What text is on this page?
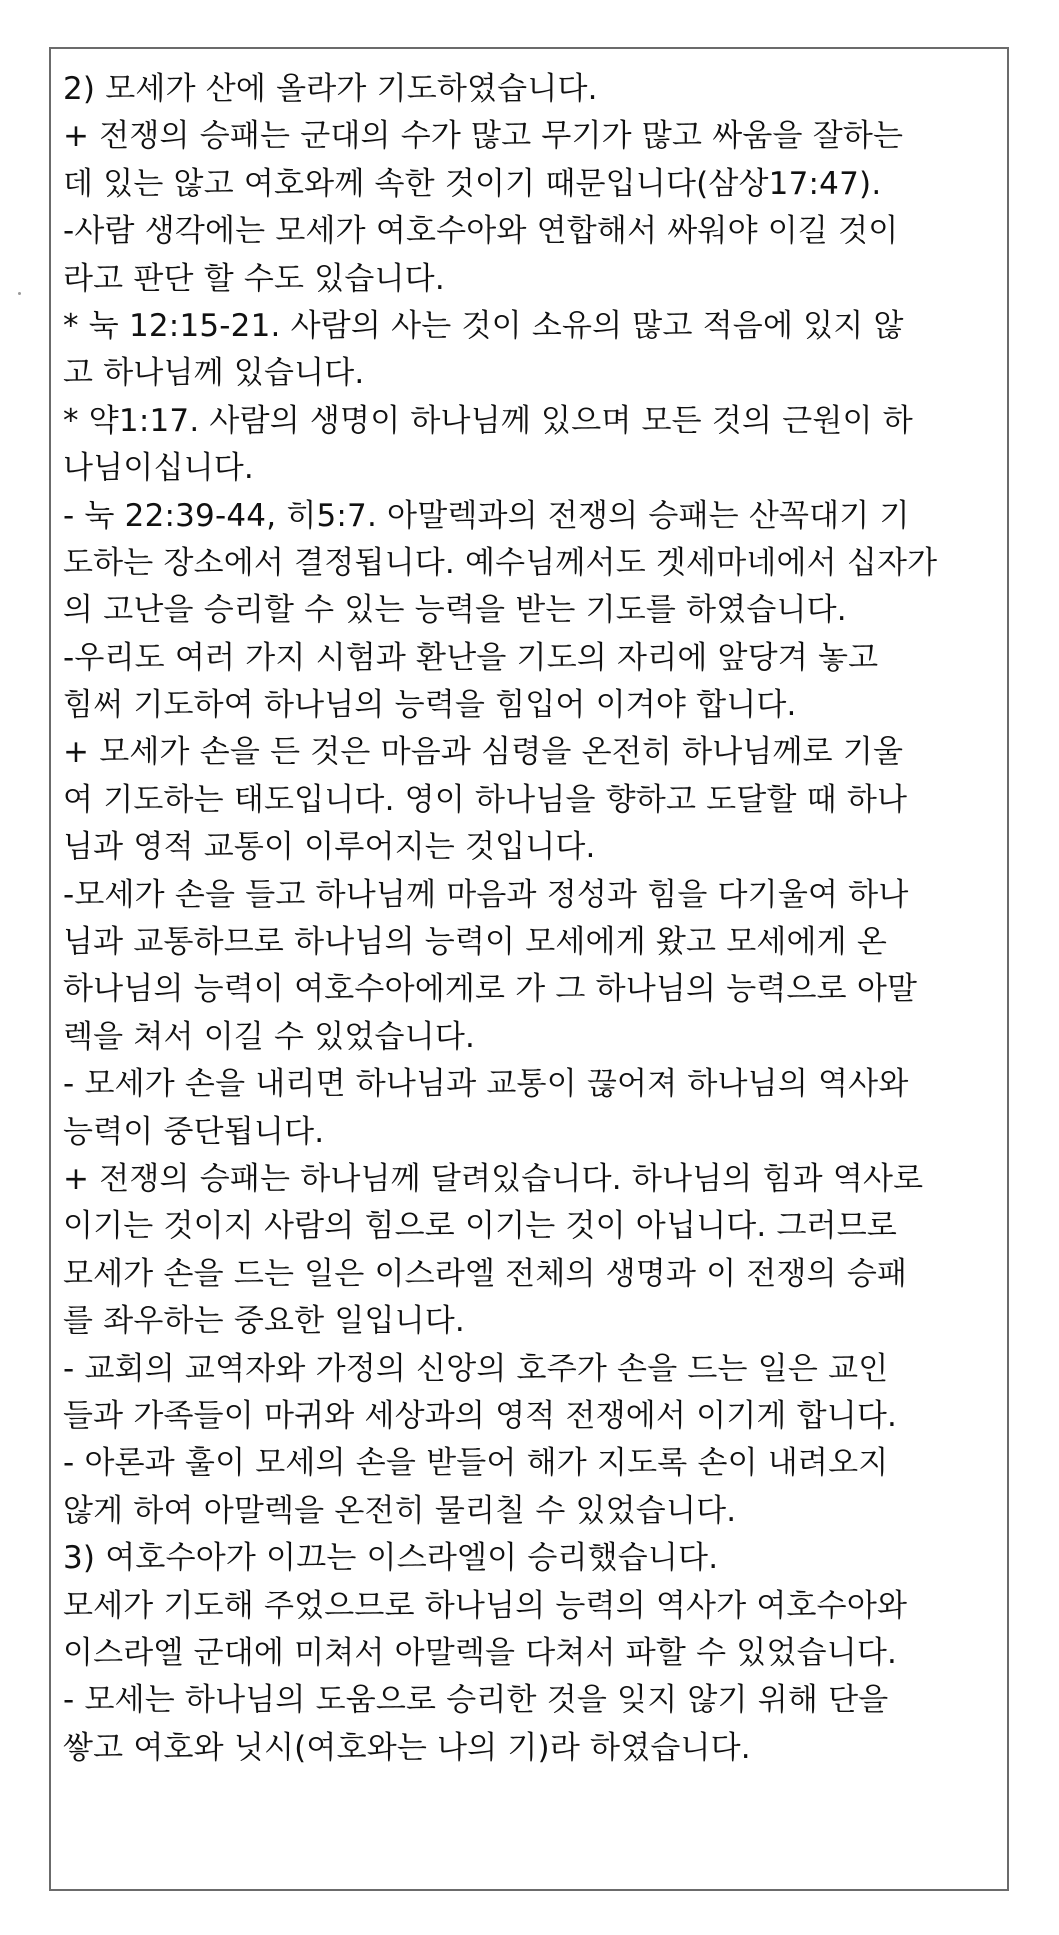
2) 모세가 산에 올라가 기도하였습니다.
+ 전쟁의 승패는 군대의 수가 많고 무기가 많고 싸움을 잘하는
데 있는 않고 여호와께 속한 것이기 때문입니다(삼상17:47).
-사람 생각에는 모세가 여호수아와 연합해서 싸워야 이길 것이
라고 판단 할 수도 있습니다.
* 눅 12:15-21. 사람의 사는 것이 소유의 많고 적음에 있지 않
고 하나님께 있습니다.
* 약1:17. 사람의 생명이 하나님께 있으며 모든 것의 근원이 하
나님이십니다.
- 눅 22:39-44, 히5:7. 아말렉과의 전쟁의 승패는 산꼭대기 기
도하는 장소에서 결정됩니다. 예수님께서도 겟세마네에서 십자가
의 고난을 승리할 수 있는 능력을 받는 기도를 하였습니다.
-우리도 여러 가지 시험과 환난을 기도의 자리에 앞당겨 놓고
힘써 기도하여 하나님의 능력을 힘입어 이겨야 합니다.
+ 모세가 손을 든 것은 마음과 심령을 온전히 하나님께로 기울
여 기도하는 태도입니다. 영이 하나님을 향하고 도달할 때 하나
님과 영적 교통이 이루어지는 것입니다.
-모세가 손을 들고 하나님께 마음과 정성과 힘을 다기울여 하나
님과 교통하므로 하나님의 능력이 모세에게 왔고 모세에게 온
하나님의 능력이 여호수아에게로 가 그 하나님의 능력으로 아말
렉을 쳐서 이길 수 있었습니다.
- 모세가 손을 내리면 하나님과 교통이 끊어져 하나님의 역사와
능력이 중단됩니다.
+ 전쟁의 승패는 하나님께 달려있습니다. 하나님의 힘과 역사로
이기는 것이지 사람의 힘으로 이기는 것이 아닙니다. 그러므로
모세가 손을 드는 일은 이스라엘 전체의 생명과 이 전쟁의 승패
를 좌우하는 중요한 일입니다.
- 교회의 교역자와 가정의 신앙의 호주가 손을 드는 일은 교인
들과 가족들이 마귀와 세상과의 영적 전쟁에서 이기게 합니다.
- 아론과 훌이 모세의 손을 받들어 해가 지도록 손이 내려오지
않게 하여 아말렉을 온전히 물리칠 수 있었습니다.
3) 여호수아가 이끄는 이스라엘이 승리했습니다.
모세가 기도해 주었으므로 하나님의 능력의 역사가 여호수아와
이스라엘 군대에 미쳐서 아말렉을 다쳐서 파할 수 있었습니다.
- 모세는 하나님의 도움으로 승리한 것을 잊지 않기 위해 단을
쌓고 여호와 닛시(여호와는 나의 기)라 하였습니다.
